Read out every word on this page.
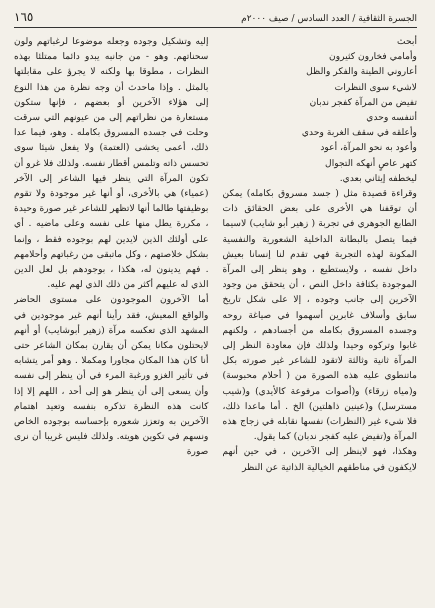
الجسرة الثقافية / العدد السادس / صيف ٢٠٠٠م
١٦٥
أبحث
وأمامي فخارون كثيرون
أعاروني الطينة والفكر والظل
لاشيء سوى النظرات
تفيض من المرآة كفجر ندبان
أتنفسه وحدي
وأعلقه في سقف الغربة وحدي
وأعود به نحو المرآة، أعود
كتهر عاصٍ أنهكه التجوال
ليخطفه إيثاني بعدي.

وقراءة قصيدة مثل ( جسد مسروق بكامله) يمكن أن توقفنا هي الأخرى على بعض الحقائق ذات الطابع الجوهري في تجربة ( زهير أبو شايب) لاسيما فيما يتصل بالبطانة الداخلية الشعورية والنفسية المكونة لهذه التجربة فهي تقدم لنا إنسانا بعيش داخل نفسه ، ولايستطيع ، وهو ينظر إلى المرآة الموجودة بكثافة داخل النص ، أن يتحقق من وجود الآخرين إلى جانب وجوده ، إلا على شكل تاريخ سابق وأسلاف غابرين أسهموا في صياغة روحه وجسده المسروق بكامله من أجسادهم ، ولكنهم غابوا وتركوه وحيدا ولذلك فإن معاودة النظر إلى المرآة ثانية وثالثة لاتقود للشاعر غير صورته بكل ماتنطوي عليه هذه الصورة من ( أحلام محبوسة) و(مياه زرقاء) و(أصوات مرفوعة كالأيدي) و(شيب مسترسل) و(عينين ذاهلتين) الخ . أما ماعدا ذلك، فلا شيء غير (النظرات) نفسها نقابله في زجاج هذه المرآة و(تفيض عليه كفجر ندبان) كما يقول.

وهكذا، فهو لاينظر إلى الآخرين ، في حين أنهم لايكفون في مناطقهم الخيالية الذاتية عن النظر

إليه وتشكيل وجوده وجعله موضوعا لرغباتهم ولون سحناتهم. وهو - من جانبه يبدو دائما ممتلئا بهذه النظرات ، مطوقا بها ولكنه لا يجرؤ على مقابلتها بالمثل . وإذا ماحدث أن وجه نظرة من هذا النوع إلى هؤلاء الآخرين أو بعضهم ، فإنها ستكون مستعارة من نظراتهم إلى من عيونهم التي سرقت وحلت في جسده المسروق بكامله . وهو، فيما عدا ذلك، أعمى يخشى (العتمة) ولا يفعل شيئا سوى تحسس ذاته وتلمس أقطار نفسه. ولذلك فلا غرو أن تكون المرآة التي ينظر فيها الشاعر إلى الآخر (عمياء) هي بالأخرى، أو أنها غير موجودة ولا تقوم بوظيفتها طالما أنها لاتظهر للشاعر غير صورة وحيدة ، مكررة يطل منها على نفسه وعلى ماضيه . أي على أولئك الذين لايدين لهم بوجوده فقط ، وإنما بشكل خلاصتهم ، وكل ماتبقى من رغباتهم وأحلامهم . فهم يدينون له، هكذا ، بوجودهم بل لعل الدين الذي له عليهم أكثر من ذلك الذي لهم عليه.

أما الآخرون الموجودون على مستوى الحاضر والواقع المعيش، فقد رأينا أنهم غير موجودين في المشهد الذي تعكسه مرآة (زهير أبوشايب) أو أنهم لايحتلون مكانا يمكن أن يقارن بمكان الشاعر حتى أنا كان هذا المكان مجاورا ومكملا . وهو أمر يتشابه في تأثير الغزو ورغبة المرء في أن ينظر إلى نفسه وأن يسعى إلى أن ينظر هو إلى أحد ، اللهم إلا إذا كانت هذه النظرة تذكره بنفسه وتعيد اهتمام الآخرين به وتعزز شعوره بإحساسه بوجوده الخاص ونسهم في تكوين هويته. ولذلك فليس غريبا أن نرى صورة
